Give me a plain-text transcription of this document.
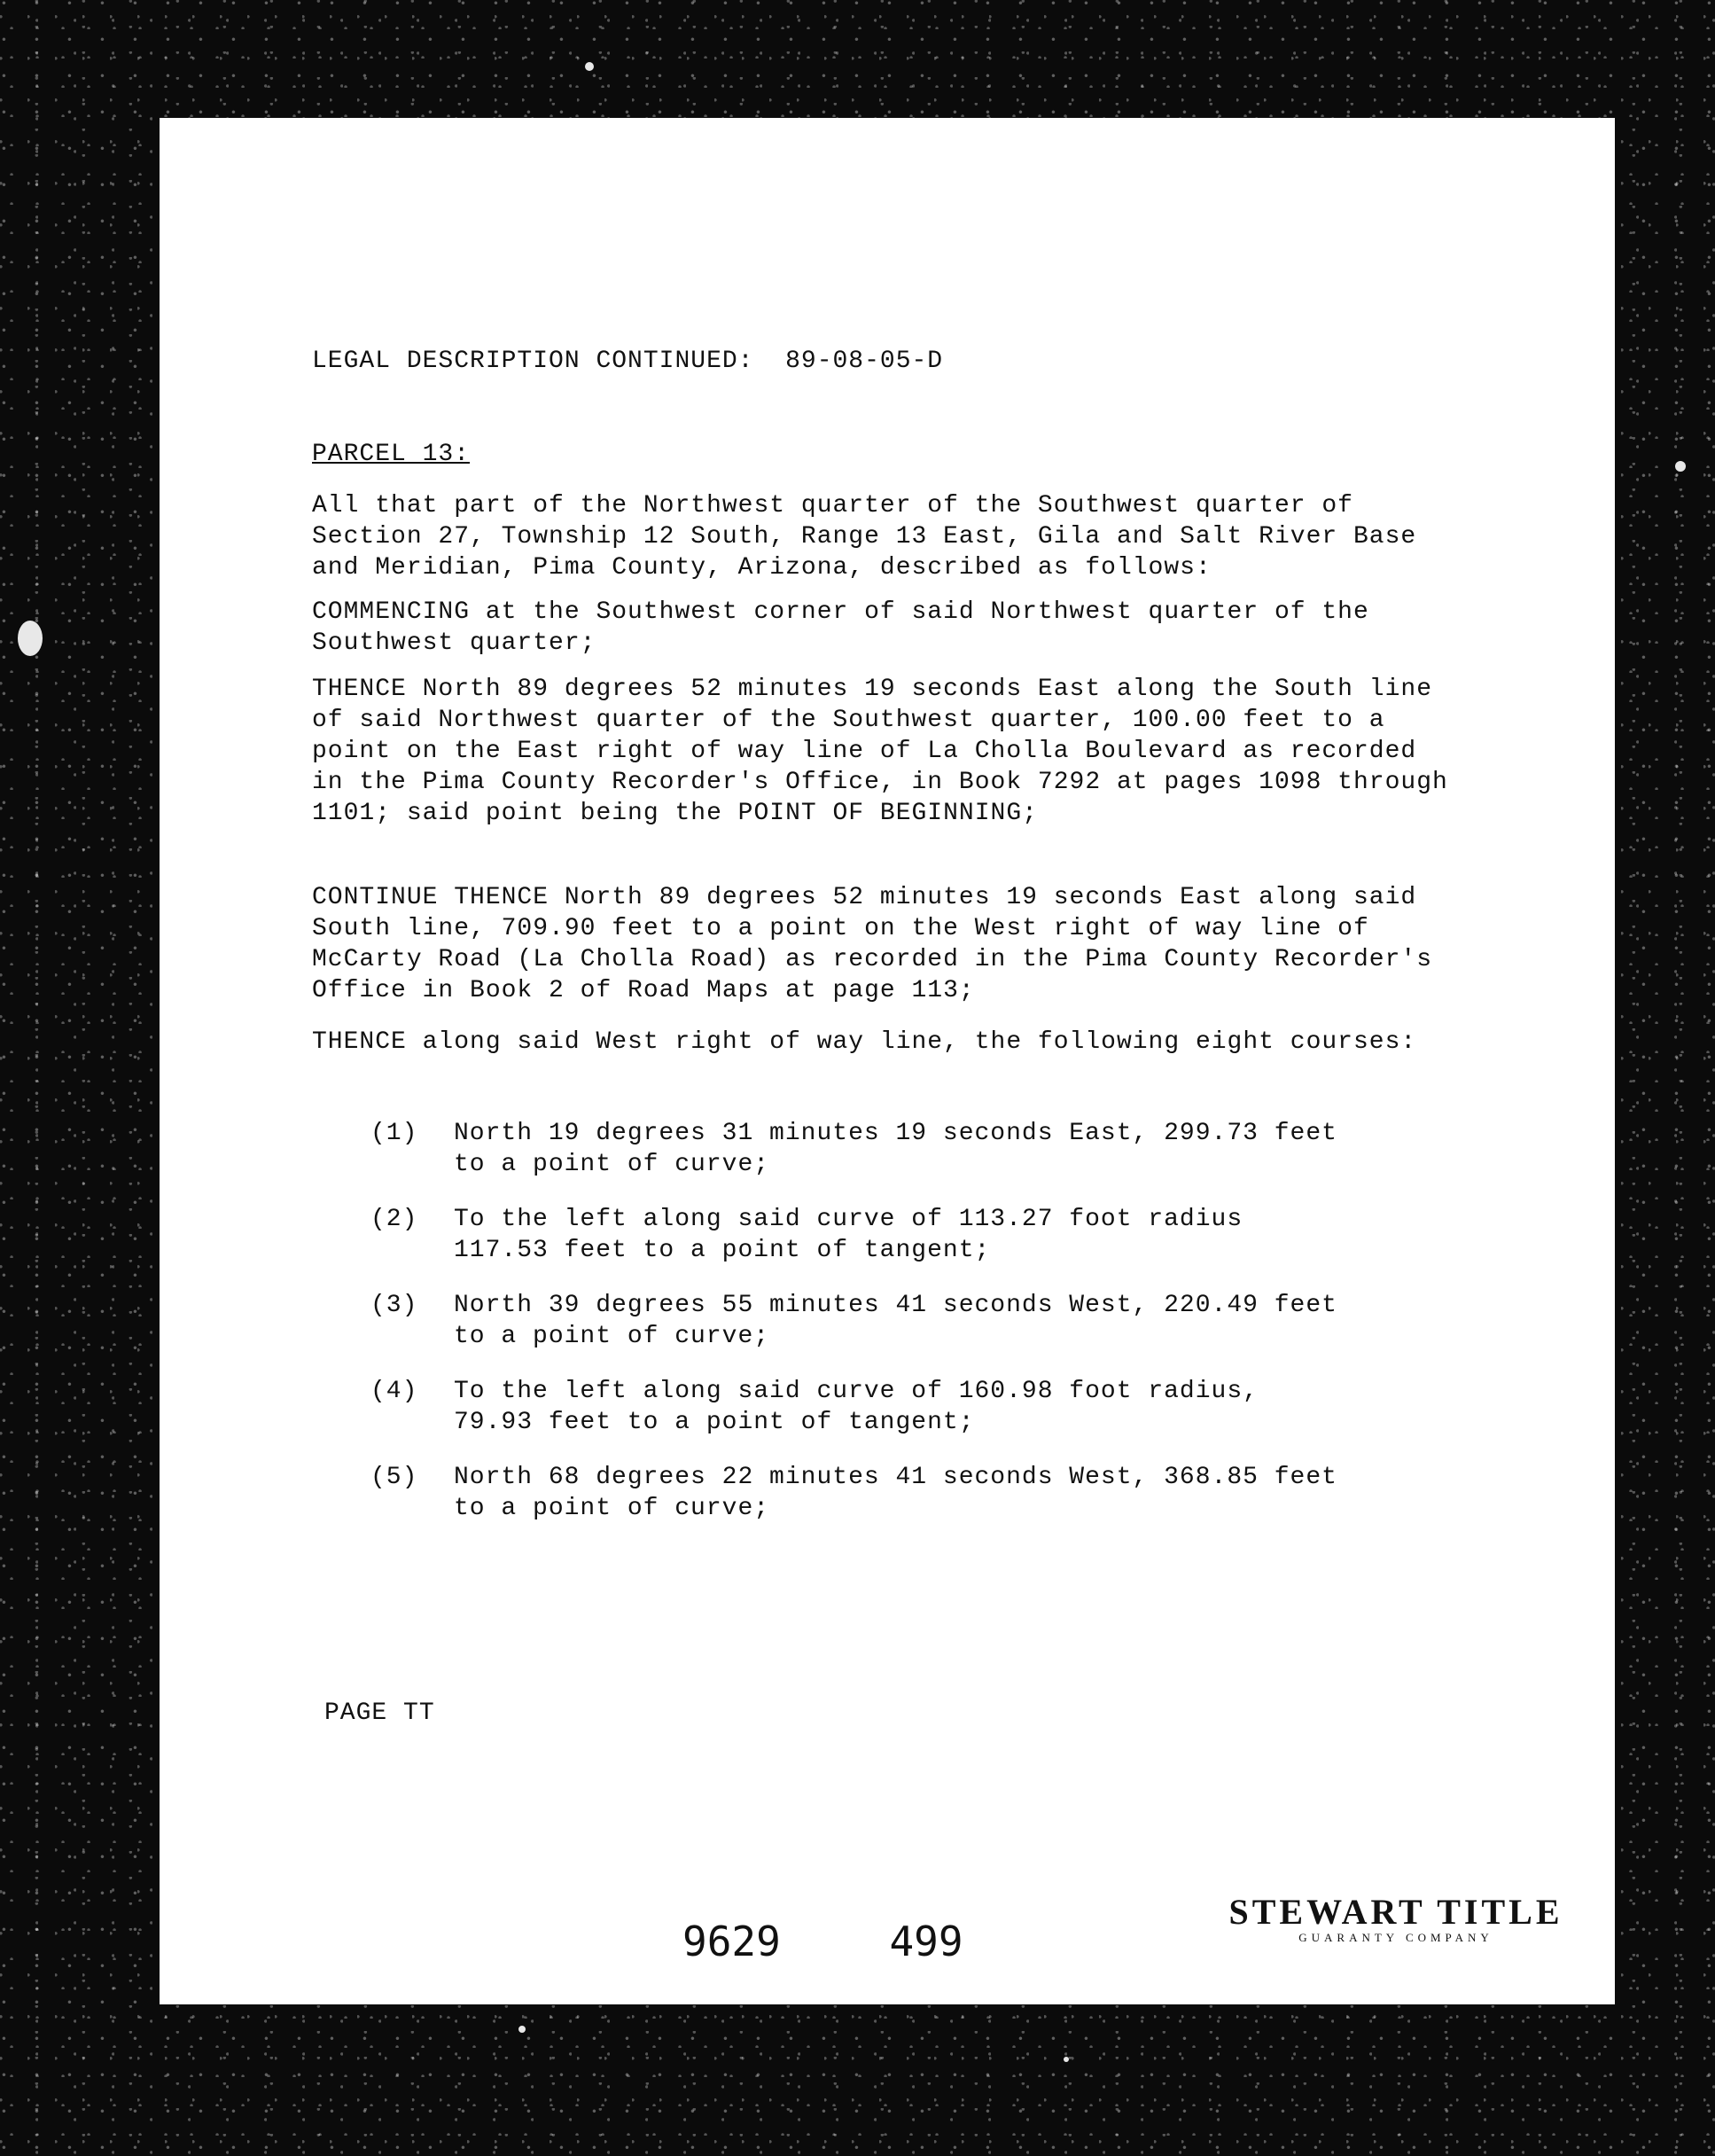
LEGAL DESCRIPTION CONTINUED:  89-08-05-D
PARCEL 13:

All that part of the Northwest quarter of the Southwest quarter of Section 27, Township 12 South, Range 13 East, Gila and Salt River Base and Meridian, Pima County, Arizona, described as follows:

COMMENCING at the Southwest corner of said Northwest quarter of the Southwest quarter;

THENCE North 89 degrees 52 minutes 19 seconds East along the South line of said Northwest quarter of the Southwest quarter, 100.00 feet to a point on the East right of way line of La Cholla Boulevard as recorded in the Pima County Recorder's Office, in Book 7292 at pages 1098 through 1101; said point being the POINT OF BEGINNING;

CONTINUE THENCE North 89 degrees 52 minutes 19 seconds East along said South line, 709.90 feet to a point on the West right of way line of McCarty Road (La Cholla Road) as recorded in the Pima County Recorder's Office in Book 2 of Road Maps at page 113;

THENCE along said West right of way line, the following eight courses:

(1) North 19 degrees 31 minutes 19 seconds East, 299.73 feet to a point of curve;
(2) To the left along said curve of 113.27 foot radius 117.53 feet to a point of tangent;
(3) North 39 degrees 55 minutes 41 seconds West, 220.49 feet to a point of curve;
(4) To the left along said curve of 160.98 foot radius, 79.93 feet to a point of tangent;
(5) North 68 degrees 22 minutes 41 seconds West, 368.85 feet to a point of curve;
PAGE TT
9629	499
STEWART TITLE
GUARANTY COMPANY
